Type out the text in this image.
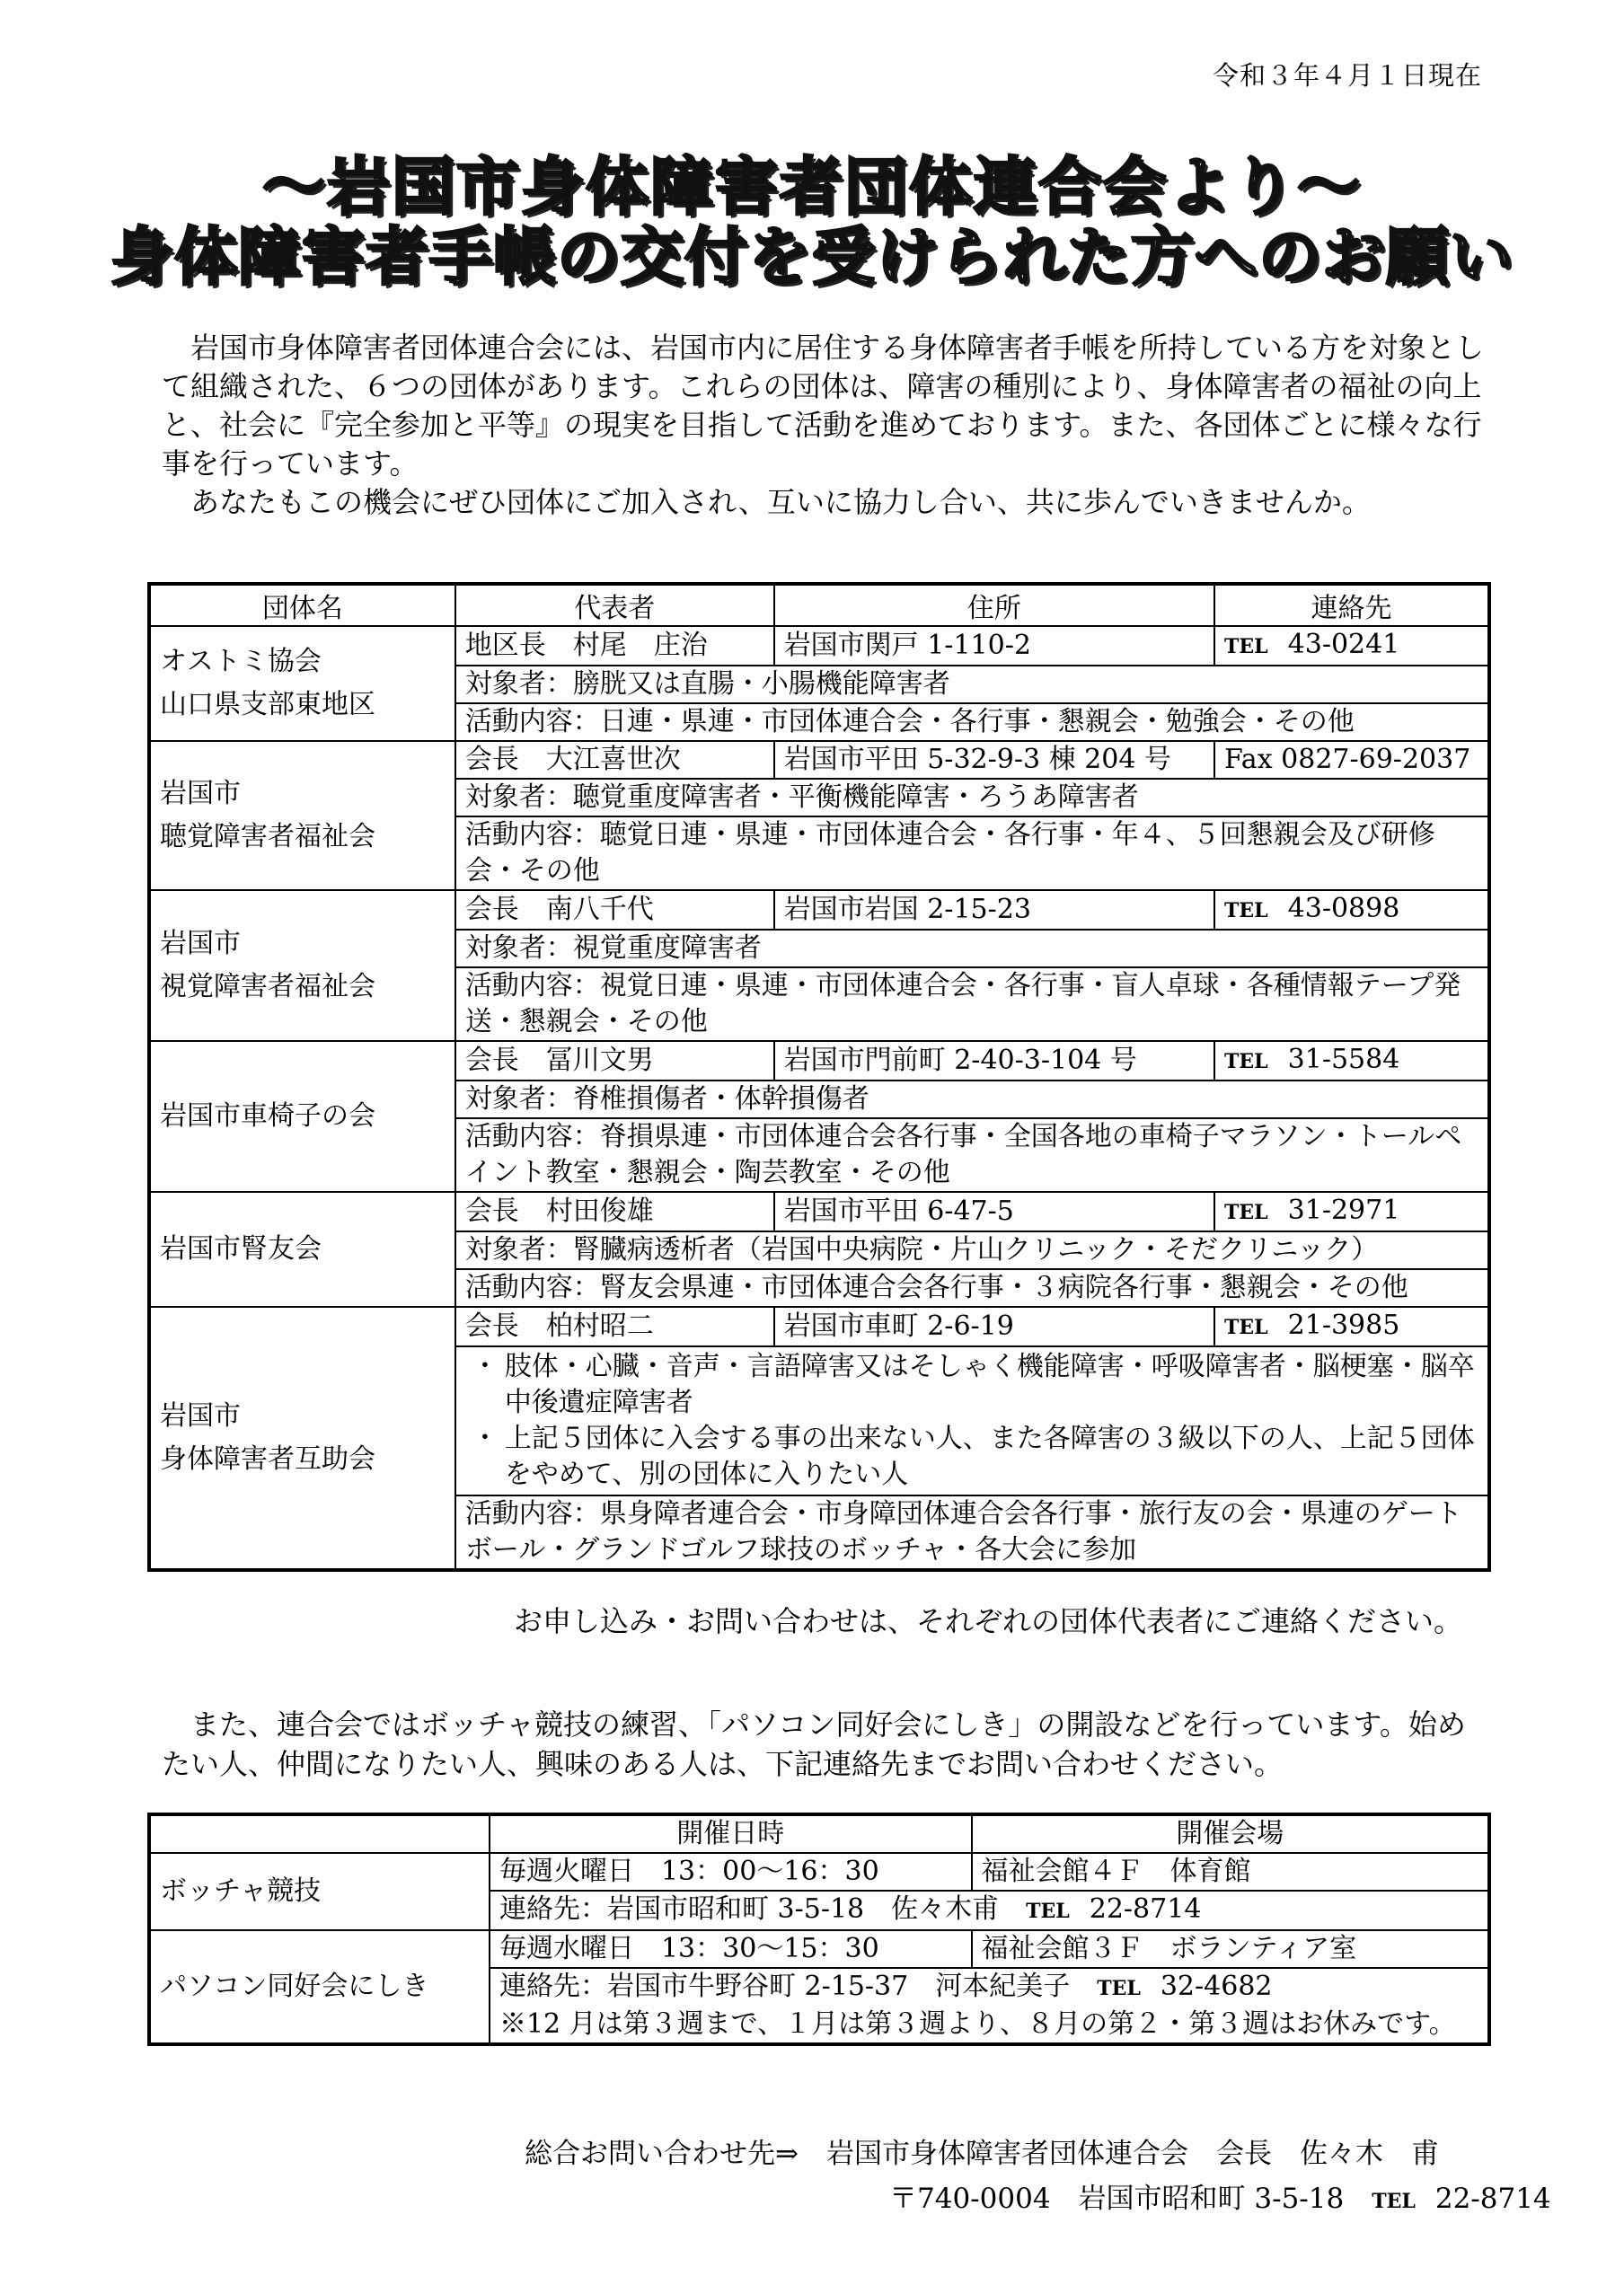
令和３年４月１日現在
～岩国市身体障害者団体連合会より～
身体障害者手帳の交付を受けられた方へのお願い

岩国市身体障害者団体連合会には、岩国市内に居住する身体障害者手帳を所持している方を対象として組織された、６つの団体があります。これらの団体は、障害の種別により、身体障害者の福祉の向上と、社会に『完全参加と平等』の現実を目指して活動を進めております。また、各団体ごとに様々な行事を行っています。

あなたもこの機会にぜひ団体にご加入され、互いに協力し合い、共に歩んでいきませんか。

団体名	代表者	住所	連絡先
オストミ協会
山口県支部東地区	地区長　村尾　庄治	岩国市関戸 1-110-2	TEL 43-0241
	対象者：膀胱又は直腸・小腸機能障害者		
	活動内容：日連・県連・市団体連合会・各行事・懇親会・勉強会・その他		
岩国市
聴覚障害者福祉会	会長　大江喜世次	岩国市平田 5-32-9-3 棟 204 号	Fax 0827-69-2037
	対象者：聴覚重度障害者・平衡機能障害・ろうあ障害者		
	活動内容：聴覚日連・県連・市団体連合会・各行事・年４、５回懇親会及び研修会・その他		
岩国市
視覚障害者福祉会	会長　南八千代	岩国市岩国 2-15-23	TEL 43-0898
	対象者：視覚重度障害者		
	活動内容：視覚日連・県連・市団体連合会・各行事・盲人卓球・各種情報テープ発送・懇親会・その他		
岩国市車椅子の会	会長　冨川文男	岩国市門前町 2-40-3-104 号	TEL 31-5584
	対象者：脊椎損傷者・体幹損傷者		
	活動内容：脊損県連・市団体連合会各行事・全国各地の車椅子マラソン・トールペイント教室・懇親会・陶芸教室・その他		
岩国市腎友会	会長　村田俊雄	岩国市平田 6-47-5	TEL 31-2971
	対象者：腎臓病透析者（岩国中央病院・片山クリニック・そだクリニック）		
	活動内容：腎友会県連・市団体連合会各行事・３病院各行事・懇親会・その他		
岩国市
身体障害者互助会	会長　柏村昭二	岩国市車町 2-6-19	TEL 21-3985

	・ 肢体・心臓・音声・言語障害又はそしゃく機能障害・呼吸障害者・脳梗塞・脳卒中後遺症障害者
・ 上記５団体に入会する事の出来ない人、また各障害の３級以下の人、上記５団体をやめて、別の団体に入りたい人		

	活動内容：県身障者連合会・市身障団体連合会各行事・旅行友の会・県連のゲートボール・グランドゴルフ球技のボッチャ・各大会に参加		
お申し込み・お問い合わせは、それぞれの団体代表者にご連絡ください。

また、連合会ではボッチャ競技の練習、「パソコン同好会にしき」の開設などを行っています。始めたい人、仲間になりたい人、興味のある人は、下記連絡先までお問い合わせください。

	開催日時	開催会場
ボッチャ競技	毎週火曜日　13：00～16：30	福祉会館４Ｆ　体育館
	連絡先：岩国市昭和町 3-5-18　佐々木甫　 TEL 22-8714	
パソコン同好会にしき	毎週水曜日　13：30～15：30	福祉会館３Ｆ　ボランティア室

	連絡先：岩国市牛野谷町 2-15-37　河本紀美子　 TEL 32-4682
※12 月は第３週まで、１月は第３週より、８月の第２・第３週はお休みです。	
総合お問い合わせ先⇒　岩国市身体障害者団体連合会　会長　佐々木　甫
〒740-0004　岩国市昭和町 3-5-18　 TEL 22-8714
